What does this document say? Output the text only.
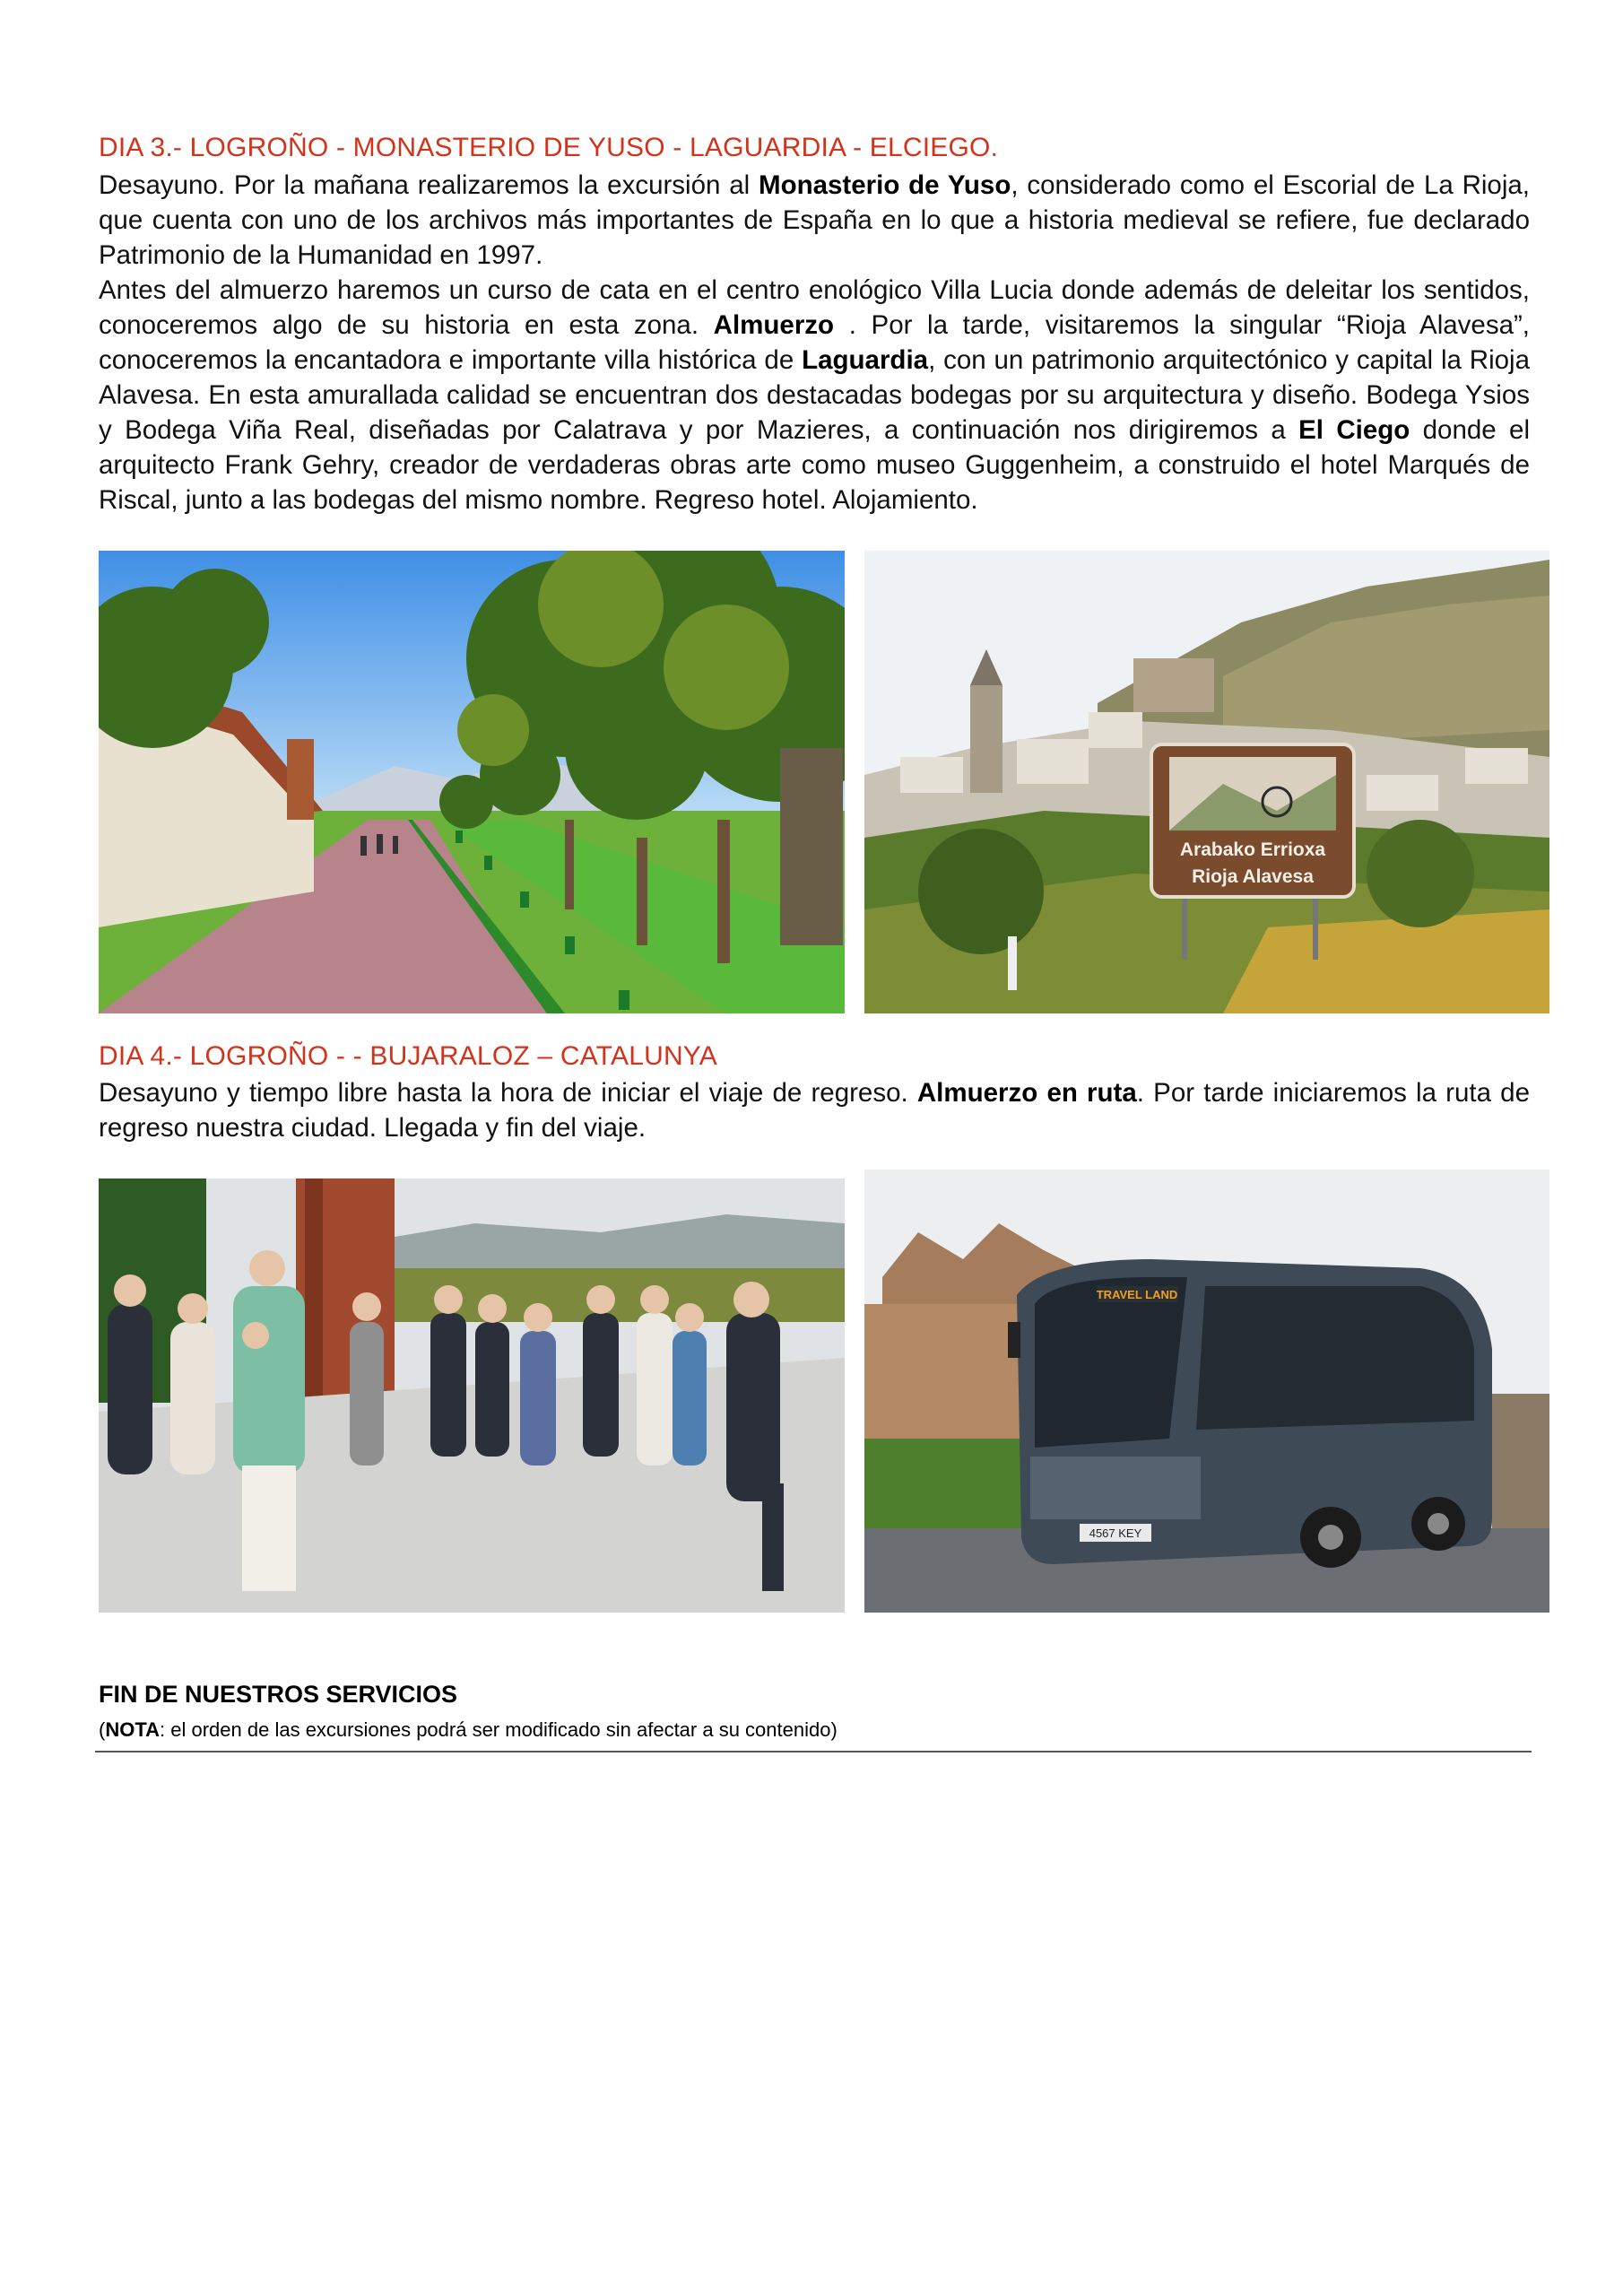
DIA 3.- LOGROÑO - MONASTERIO DE YUSO - LAGUARDIA - ELCIEGO.

Desayuno. Por la mañana realizaremos la excursión al Monasterio de Yuso, considerado como el Escorial de La Rioja, que cuenta con uno de los archivos más importantes de España en lo que a historia medieval se refiere, fue declarado Patrimonio de la Humanidad en 1997.

Antes del almuerzo haremos un curso de cata en el centro enológico Villa Lucia donde además de deleitar los sentidos, conoceremos algo de su historia en esta zona. Almuerzo . Por la tarde, visitaremos la singular “Rioja Alavesa”, conoceremos la encantadora e importante villa histórica de Laguardia, con un patrimonio arquitectónico y capital la Rioja Alavesa. En esta amurallada calidad se encuentran dos destacadas bodegas por su arquitectura y diseño. Bodega Ysios y Bodega Viña Real, diseñadas por Calatrava y por Mazieres, a continuación nos dirigiremos a El Ciego donde el arquitecto Frank Gehry, creador de verdaderas obras arte como museo Guggenheim, a construido el hotel Marqués de Riscal, junto a las bodegas del mismo nombre. Regreso hotel. Alojamiento.

Arabako Errioxa
Rioja Alavesa
DIA 4.- LOGROÑO - - BUJARALOZ – CATALUNYA

Desayuno y tiempo libre hasta la hora de iniciar el viaje de regreso. Almuerzo en ruta. Por tarde iniciaremos la ruta de regreso nuestra ciudad. Llegada y fin del viaje.

TRAVEL LAND
4567 KEY

FIN DE NUESTROS SERVICIOS

(NOTA: el orden de las excursiones podrá ser modificado sin afectar a su contenido)
